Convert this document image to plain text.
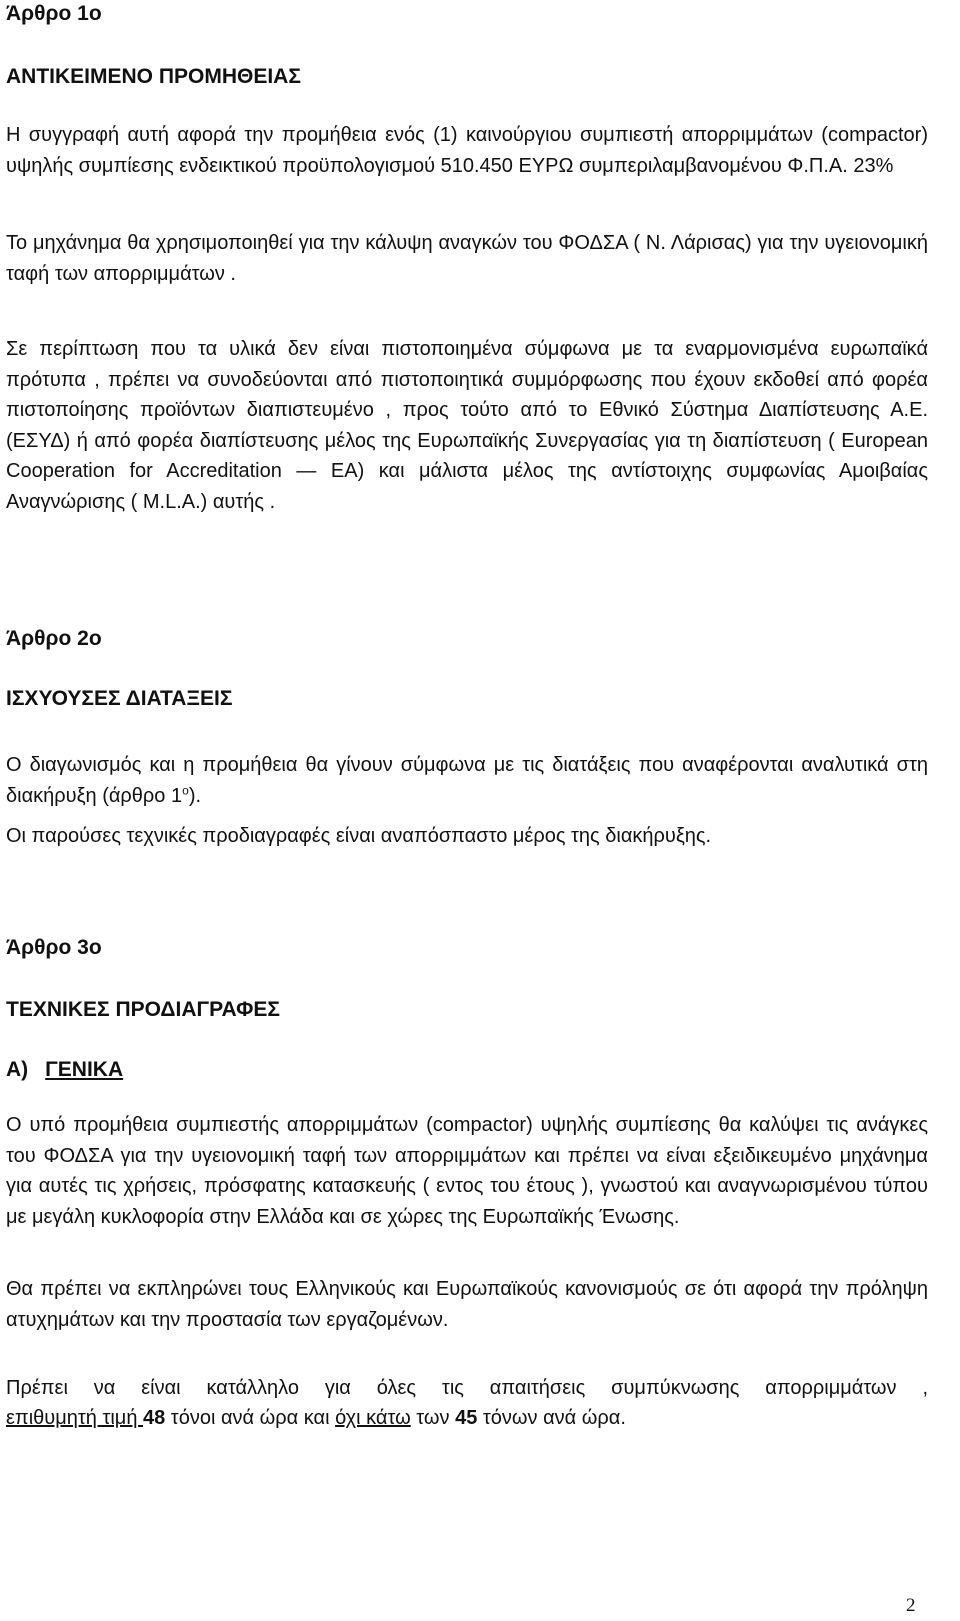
Άρθρο 1ο
ΑΝΤΙΚΕΙΜΕΝΟ ΠΡΟΜΗΘΕΙΑΣ

Η συγγραφή αυτή αφορά την προμήθεια ενός (1) καινούργιου συμπιεστή απορριμμάτων (compactor) υψηλής συμπίεσης ενδεικτικού προϋπολογισμού 510.450 ΕΥΡΩ συμπεριλαμβανομένου Φ.Π.Α. 23%

Το μηχάνημα θα χρησιμοποιηθεί για την κάλυψη αναγκών του ΦΟΔΣΑ ( Ν. Λάρισας) για την υγειονομική ταφή των απορριμμάτων .

Σε περίπτωση που τα υλικά δεν είναι πιστοποιημένα σύμφωνα με τα εναρμονισμένα ευρωπαϊκά πρότυπα , πρέπει να συνοδεύονται από πιστοποιητικά συμμόρφωσης που έχουν εκδοθεί από φορέα πιστοποίησης προϊόντων διαπιστευμένο , προς τούτο από το Εθνικό Σύστημα Διαπίστευσης Α.Ε. (ΕΣΥΔ) ή από φορέα διαπίστευσης μέλος της Ευρωπαϊκής Συνεργασίας για τη διαπίστευση ( European Cooperation for Accreditation — EA) και μάλιστα μέλος της αντίστοιχης συμφωνίας Αμοιβαίας Αναγνώρισης ( M.L.A.) αυτής .

Άρθρο 2ο
ΙΣΧΥΟΥΣΕΣ ΔΙΑΤΑΞΕΙΣ

Ο διαγωνισμός και η προμήθεια θα γίνουν σύμφωνα με τις διατάξεις που αναφέρονται αναλυτικά στη διακήρυξη (άρθρο $1^o$).

Οι παρούσες τεχνικές προδιαγραφές είναι αναπόσπαστο μέρος της διακήρυξης.

Άρθρο 3ο
ΤΕΧΝΙΚΕΣ ΠΡΟΔΙΑΓΡΑΦΕΣ
Α) ΓΕΝΙΚΑ

Ο υπό προμήθεια συμπιεστής απορριμμάτων (compactor) υψηλής συμπίεσης θα καλύψει τις ανάγκες του ΦΟΔΣΑ για την υγειονομική ταφή των απορριμμάτων και πρέπει να είναι εξειδικευμένο μηχάνημα για αυτές τις χρήσεις, πρόσφατης κατασκευής ( εντος του έτους ), γνωστού και αναγνωρισμένου τύπου με μεγάλη κυκλοφορία στην Ελλάδα και σε χώρες της Ευρωπαϊκής Ένωσης.

Θα πρέπει να εκπληρώνει τους Ελληνικούς και Ευρωπαϊκούς κανονισμούς σε ότι αφορά την πρόληψη ατυχημάτων και την προστασία των εργαζομένων.

Πρέπει να είναι κατάλληλο για όλες τις απαιτήσεις συμπύκνωσης απορριμμάτων ,

επιθυμητή τιμή 48 τόνοι ανά ώρα και όχι κάτω των 45 τόνων ανά ώρα.

2
